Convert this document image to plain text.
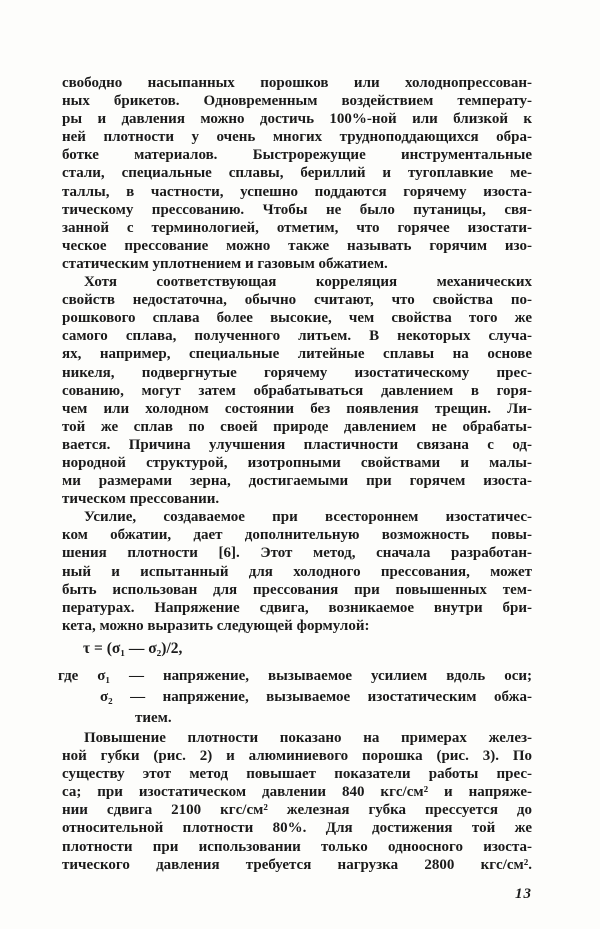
свободно насыпанных порошков или холоднопрессован-
ных брикетов. Одновременным воздействием температу-
ры и давления можно достичь 100%-ной или близкой к
ней плотности у очень многих трудноподдающихся обра-
ботке материалов. Быстрорежущие инструментальные
стали, специальные сплавы, бериллий и тугоплавкие ме-
таллы, в частности, успешно поддаются горячему изоста-
тическому прессованию. Чтобы не было путаницы, свя-
занной с терминологией, отметим, что горячее изостати-
ческое прессование можно также называть горячим изо-
статическим уплотнением и газовым обжатием.
Хотя соответствующая корреляция механических
свойств недостаточна, обычно считают, что свойства по-
рошкового сплава более высокие, чем свойства того же
самого сплава, полученного литьем. В некоторых случа-
ях, например, специальные литейные сплавы на основе
никеля, подвергнутые горячему изостатическому прес-
сованию, могут затем обрабатываться давлением в горя-
чем или холодном состоянии без появления трещин. Ли-
той же сплав по своей природе давлением не обрабаты-
вается. Причина улучшения пластичности связана с од-
нородной структурой, изотропными свойствами и малы-
ми размерами зерна, достигаемыми при горячем изоста-
тическом прессовании.
Усилие, создаваемое при всестороннем изостатичес-
ком обжатии, дает дополнительную возможность повы-
шения плотности [6]. Этот метод, сначала разработан-
ный и испытанный для холодного прессования, может
быть использован для прессования при повышенных тем-
пературах. Напряжение сдвига, возникаемое внутри бри-
кета, можно выразить следующей формулой:
τ = (σ₁ — σ₂)/2,
где σ₁ — напряжение, вызываемое усилием вдоль оси;
σ₂ — напряжение, вызываемое изостатическим обжа-
тием.
Повышение плотности показано на примерах желез-
ной губки (рис. 2) и алюминиевого порошка (рис. 3). По
существу этот метод повышает показатели работы прес-
са; при изостатическом давлении 840 кгс/см² и напряже-
нии сдвига 2100 кгс/см² железная губка прессуется до
относительной плотности 80%. Для достижения той же
плотности при использовании только одноосного изоста-
тического давления требуется нагрузка 2800 кгс/см².
13
